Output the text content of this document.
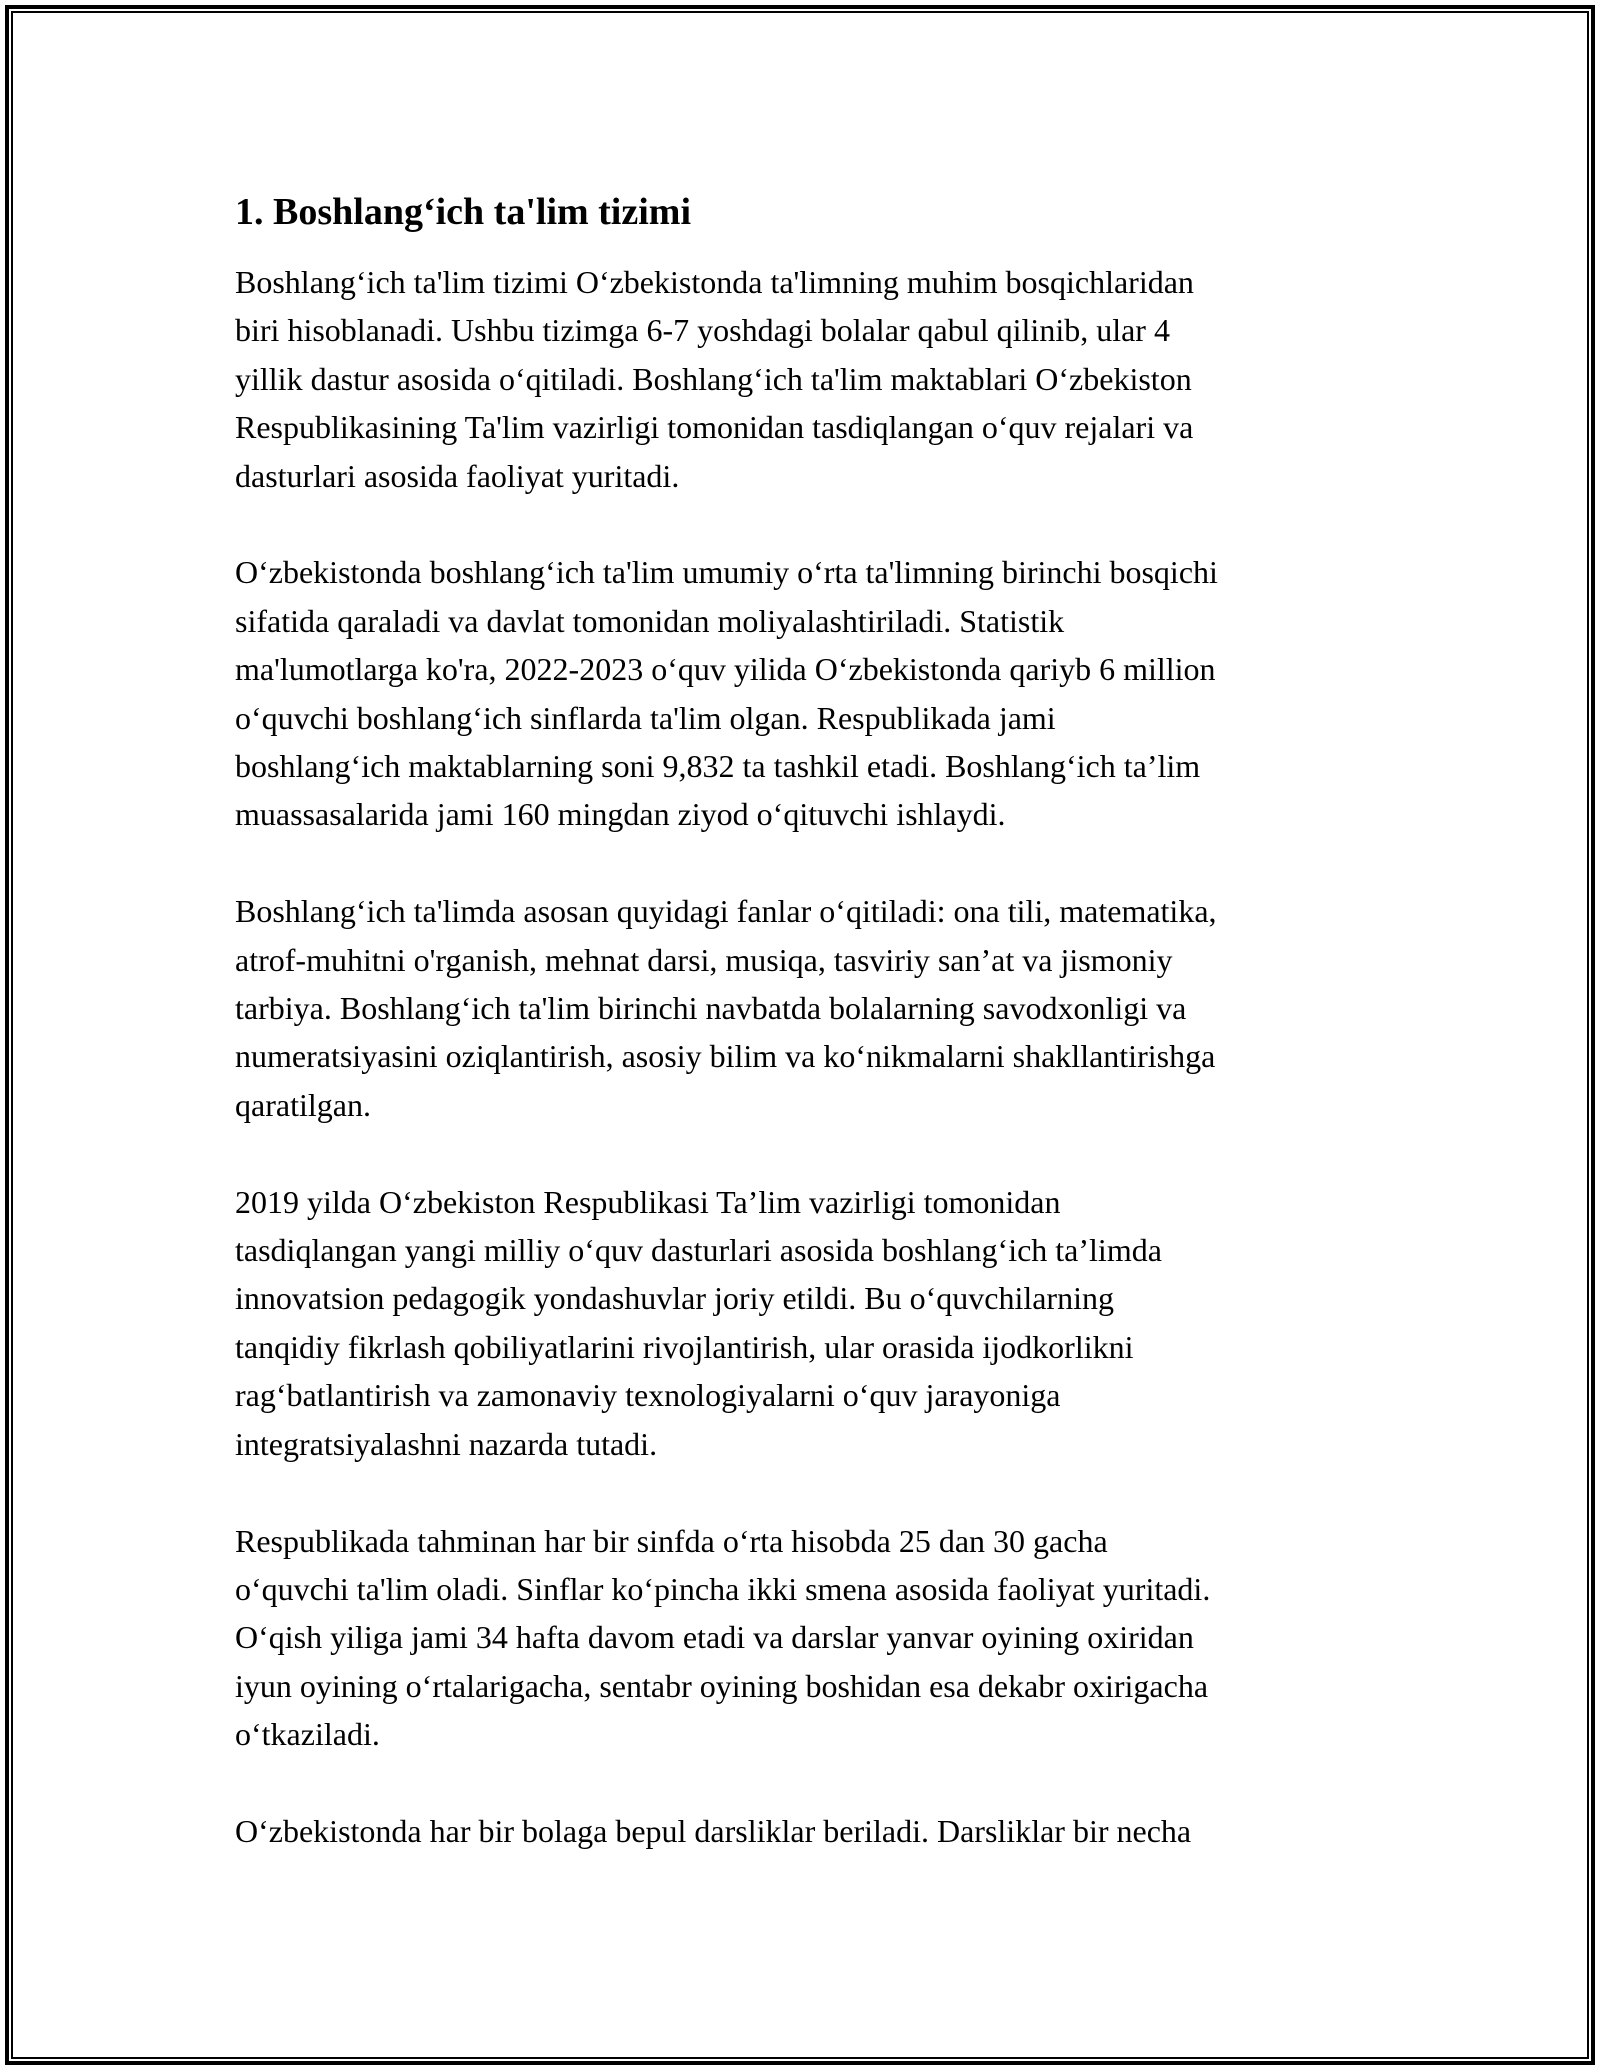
1. Boshlang‘ich ta'lim tizimi

Boshlang‘ich ta'lim tizimi O‘zbekistonda ta'limning muhim bosqichlaridan
biri hisoblanadi. Ushbu tizimga 6-7 yoshdagi bolalar qabul qilinib, ular 4
yillik dastur asosida o‘qitiladi. Boshlang‘ich ta'lim maktablari O‘zbekiston
Respublikasining Ta'lim vazirligi tomonidan tasdiqlangan o‘quv rejalari va
dasturlari asosida faoliyat yuritadi.

O‘zbekistonda boshlang‘ich ta'lim umumiy o‘rta ta'limning birinchi bosqichi
sifatida qaraladi va davlat tomonidan moliyalashtiriladi. Statistik
ma'lumotlarga ko'ra, 2022-2023 o‘quv yilida O‘zbekistonda qariyb 6 million
o‘quvchi boshlang‘ich sinflarda ta'lim olgan. Respublikada jami
boshlang‘ich maktablarning soni 9,832 ta tashkil etadi. Boshlang‘ich ta’lim
muassasalarida jami 160 mingdan ziyod o‘qituvchi ishlaydi.

Boshlang‘ich ta'limda asosan quyidagi fanlar o‘qitiladi: ona tili, matematika,
atrof-muhitni o'rganish, mehnat darsi, musiqa, tasviriy san’at va jismoniy
tarbiya. Boshlang‘ich ta'lim birinchi navbatda bolalarning savodxonligi va
numeratsiyasini oziqlantirish, asosiy bilim va ko‘nikmalarni shakllantirishga
qaratilgan.

2019 yilda O‘zbekiston Respublikasi Ta’lim vazirligi tomonidan
tasdiqlangan yangi milliy o‘quv dasturlari asosida boshlang‘ich ta’limda
innovatsion pedagogik yondashuvlar joriy etildi. Bu o‘quvchilarning
tanqidiy fikrlash qobiliyatlarini rivojlantirish, ular orasida ijodkorlikni
rag‘batlantirish va zamonaviy texnologiyalarni o‘quv jarayoniga
integratsiyalashni nazarda tutadi.

Respublikada tahminan har bir sinfda o‘rta hisobda 25 dan 30 gacha
o‘quvchi ta'lim oladi. Sinflar ko‘pincha ikki smena asosida faoliyat yuritadi.
O‘qish yiliga jami 34 hafta davom etadi va darslar yanvar oyining oxiridan
iyun oyining o‘rtalarigacha, sentabr oyining boshidan esa dekabr oxirigacha
o‘tkaziladi.

O‘zbekistonda har bir bolaga bepul darsliklar beriladi. Darsliklar bir necha
